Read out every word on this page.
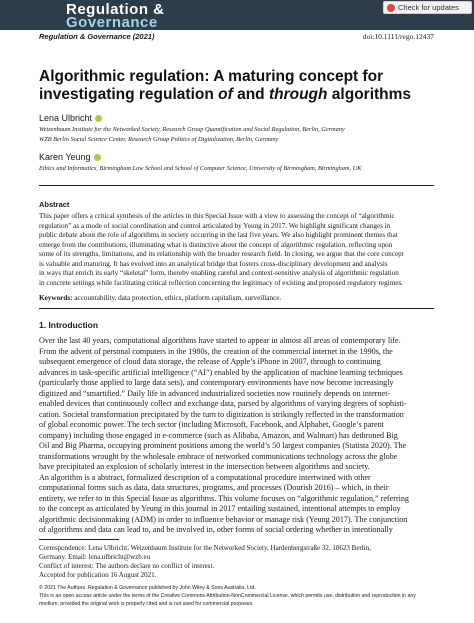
Regulation &
Governance
Check for updates
Regulation & Governance (2021)	doi:10.1111/rego.12437
Algorithmic regulation: A maturing concept for
investigating regulation of and through algorithms
Lena Ulbricht
Weizenbaum Institute for the Networked Society, Research Group Quantification and Social Regulation, Berlin, Germany
WZB Berlin Social Science Center, Research Group Politics of Digitalization, Berlin, Germany
Karen Yeung
Ethics and Informatics, Birmingham Law School and School of Computer Science, University of Birmingham, Birmingham, UK
Abstract
This paper offers a critical synthesis of the articles in this Special Issue with a view to assessing the concept of “algorithmic
regulation” as a mode of social coordination and control articulated by Yeung in 2017. We highlight significant changes in
public debate about the role of algorithms in society occurring in the last five years. We also highlight prominent themes that
emerge from the contributions, illuminating what is distinctive about the concept of algorithmic regulation, reflecting upon
some of its strengths, limitations, and its relationship with the broader research field. In closing, we argue that the core concept
is valuable and maturing. It has evolved into an analytical bridge that fosters cross-disciplinary development and analysis
in ways that enrich its early “skeletal” form, thereby enabling careful and context-sensitive analysis of algorithmic regulation
in concrete settings while facilitating critical reflection concerning the legitimacy of existing and proposed regulatory regimes.
Keywords: accountability, data protection, ethics, platform capitalism, surveillance.
1. Introduction
Over the last 40 years, computational algorithms have started to appear in almost all areas of contemporary life.
From the advent of personal computers in the 1980s, the creation of the commercial internet in the 1990s, the
subsequent emergence of cloud data storage, the release of Apple’s iPhone in 2007, through to continuing
advances in task-specific artificial intelligence (“AI”) enabled by the application of machine learning techniques
(particularly those applied to large data sets), and contemporary environments have now become increasingly
digitized and “smartified.” Daily life in advanced industrialized societies now routinely depends on internet-
enabled devices that continuously collect and exchange data, parsed by algorithms of varying degrees of sophisti-
cation. Societal transformation precipitated by the turn to digitization is strikingly reflected in the transformation
of global economic power. The tech sector (including Microsoft, Facebook, and Alphabet, Google’s parent
company) including those engaged in e-commerce (such as Alibaba, Amazon, and Walmart) has dethroned Big
Oil and Big Pharma, occupying prominent positions among the world’s 50 largest companies (Statista 2020). The
transformations wrought by the wholesale embrace of networked communications technology across the globe
have precipitated an explosion of scholarly interest in the intersection between algorithms and society.
An algorithm is a abstract, formalized description of a computational procedure intertwined with other
computational forms such as data, data structures, programs, and processes (Dourish 2016) – which, in their
entirety, we refer to in this Special Issue as algorithms. This volume focuses on “algorithmic regulation,” referring
to the concept as articulated by Yeung in this journal in 2017 entailing sustained, intentional attempts to employ
algorithmic decisionmaking (ADM) in order to influence behavior or manage risk (Yeung 2017). The conjunction
of algorithms and data can lead to, and be involved in, other forms of social ordering whether in intentionally
Correspondence: Lena Ulbricht, Weizenbaum Institute for the Networked Society, Hardenbergstraße 32, 10623 Berlin,
Germany. Email: lena.ulbricht@wzb.eu
Conflict of interest: The authors declare no conflict of interest.
Accepted for publication 16 August 2021.
© 2021 The Authors. Regulation & Governance published by John Wiley & Sons Australia, Ltd.
This is an open access article under the terms of the Creative Commons Attribution-NonCommercial License, which permits use, distribution and reproduction in any
medium, provided the original work is properly cited and is not used for commercial purposes.
